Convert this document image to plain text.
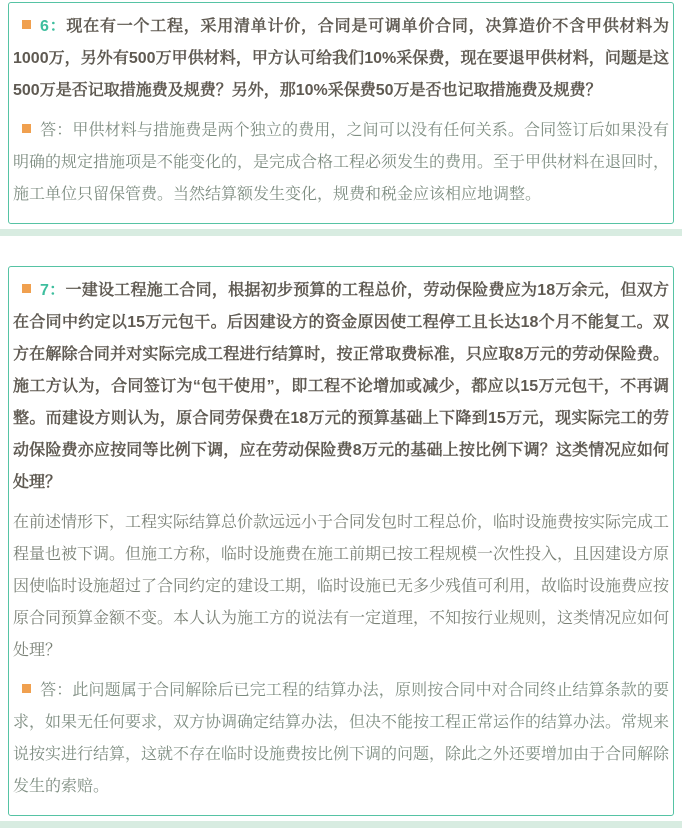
6：现在有一个工程，采用清单计价，合同是可调单价合同，决算造价不含甲供材料为1000万，另外有500万甲供材料，甲方认可给我们10%采保费，现在要退甲供材料，问题是这500万是否记取措施费及规费？另外，那10%采保费50万是否也记取措施费及规费？

答：甲供材料与措施费是两个独立的费用，之间可以没有任何关系。合同签订后如果没有明确的规定措施项是不能变化的，是完成合格工程必须发生的费用。至于甲供材料在退回时，施工单位只留保管费。当然结算额发生变化，规费和税金应该相应地调整。

7：一建设工程施工合同，根据初步预算的工程总价，劳动保险费应为18万余元，但双方在合同中约定以15万元包干。后因建设方的资金原因使工程停工且长达18个月不能复工。双方在解除合同并对实际完成工程进行结算时，按正常取费标准，只应取8万元的劳动保险费。施工方认为，合同签订为“包干使用”，即工程不论增加或减少，都应以15万元包干，不再调整。而建设方则认为，原合同劳保费在18万元的预算基础上下降到15万元，现实际完工的劳动保险费亦应按同等比例下调，应在劳动保险费8万元的基础上按比例下调？这类情况应如何处理？

在前述情形下，工程实际结算总价款远远小于合同发包时工程总价，临时设施费按实际完成工程量也被下调。但施工方称，临时设施费在施工前期已按工程规模一次性投入，且因建设方原因使临时设施超过了合同约定的建设工期，临时设施已无多少残值可利用，故临时设施费应按原合同预算金额不变。本人认为施工方的说法有一定道理，不知按行业规则，这类情况应如何处理？

答：此问题属于合同解除后已完工程的结算办法，原则按合同中对合同终止结算条款的要求，如果无任何要求，双方协调确定结算办法，但决不能按工程正常运作的结算办法。常规来说按实进行结算，这就不存在临时设施费按比例下调的问题，除此之外还要增加由于合同解除发生的索赔。
